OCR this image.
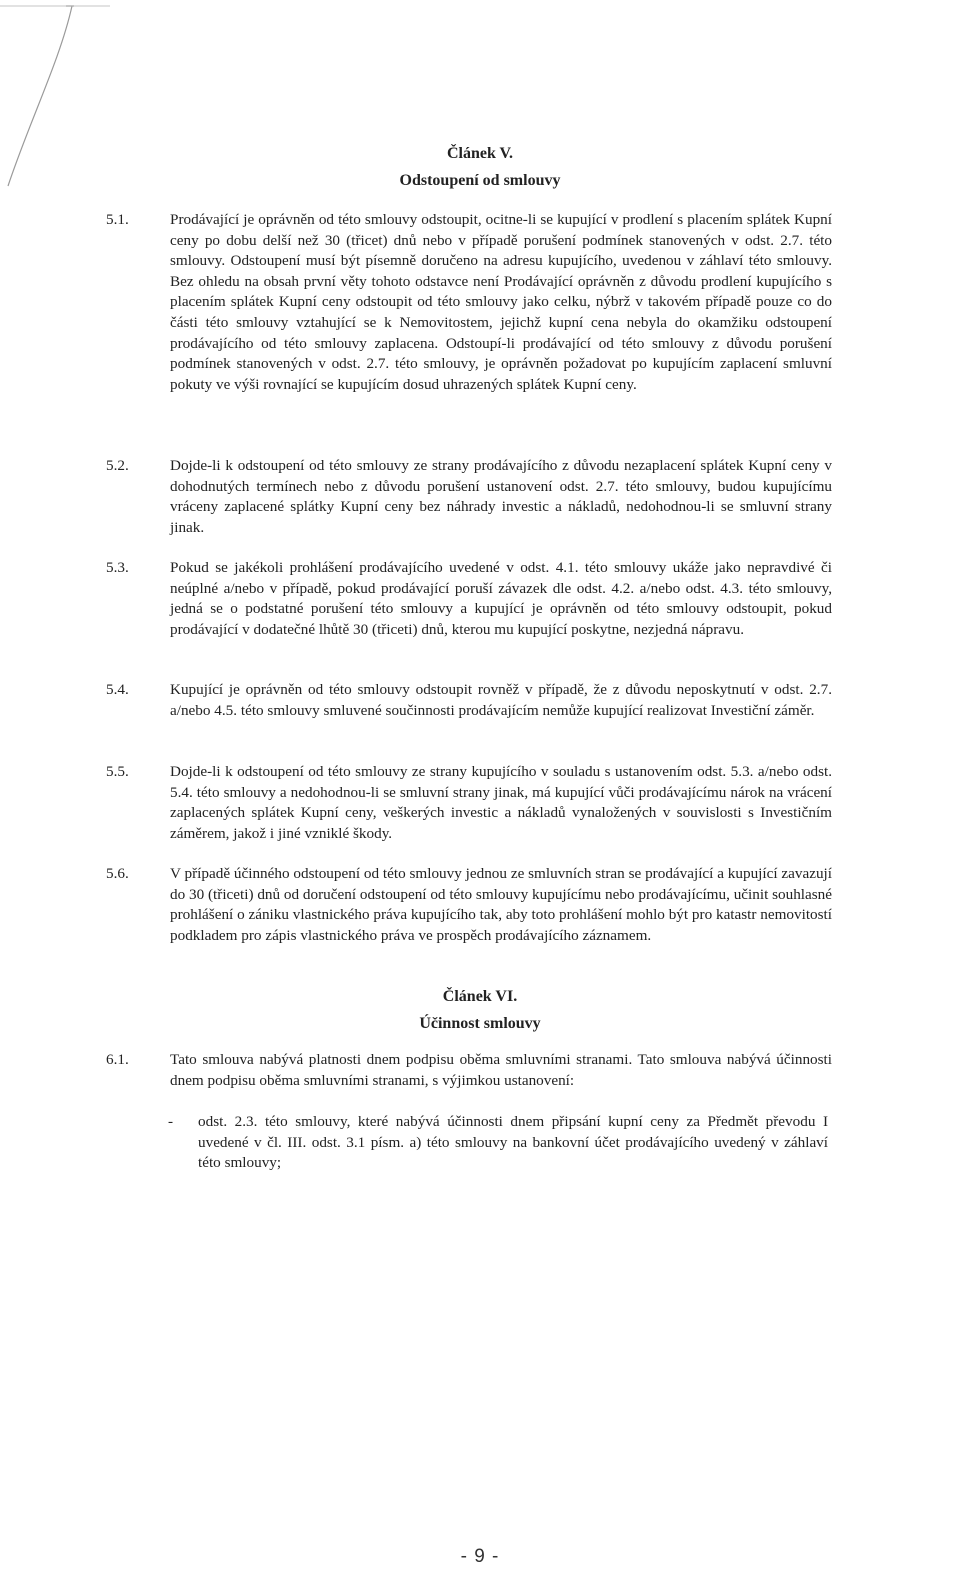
Článek V.
Odstoupení od smlouvy
5.1.	Prodávající je oprávněn od této smlouvy odstoupit, ocitne-li se kupující v prodlení s placením splátek Kupní ceny po dobu delší než 30 (třicet) dnů nebo v případě porušení podmínek stanovených v odst. 2.7. této smlouvy. Odstoupení musí být písemně doručeno na adresu kupujícího, uvedenou v záhlaví této smlouvy. Bez ohledu na obsah první věty tohoto odstavce není Prodávající oprávněn z důvodu prodlení kupujícího s placením splátek Kupní ceny odstoupit od této smlouvy jako celku, nýbrž v takovém případě pouze co do části této smlouvy vztahující se k Nemovitostem, jejichž kupní cena nebyla do okamžiku odstoupení prodávajícího od této smlouvy zaplacena. Odstoupí-li prodávající od této smlouvy z důvodu porušení podmínek stanovených v odst. 2.7. této smlouvy, je oprávněn požadovat po kupujícím zaplacení smluvní pokuty ve výši rovnající se kupujícím dosud uhrazených splátek Kupní ceny.
5.2.	Dojde-li k odstoupení od této smlouvy ze strany prodávajícího z důvodu nezaplacení splátek Kupní ceny v dohodnutých termínech nebo z důvodu porušení ustanovení odst. 2.7. této smlouvy, budou kupujícímu vráceny zaplacené splátky Kupní ceny bez náhrady investic a nákladů, nedohodnou-li se smluvní strany jinak.
5.3.	Pokud se jakékoli prohlášení prodávajícího uvedené v odst. 4.1. této smlouvy ukáže jako nepravdivé či neúplné a/nebo v případě, pokud prodávající poruší závazek dle odst. 4.2. a/nebo odst. 4.3. této smlouvy, jedná se o podstatné porušení této smlouvy a kupující je oprávněn od této smlouvy odstoupit, pokud prodávající v dodatečné lhůtě 30 (třiceti) dnů, kterou mu kupující poskytne, nezjedná nápravu.
5.4.	Kupující je oprávněn od této smlouvy odstoupit rovněž v případě, že z důvodu neposkytnutí v odst. 2.7. a/nebo 4.5. této smlouvy smluvené součinnosti prodávajícím nemůže kupující realizovat Investiční záměr.
5.5.	Dojde-li k odstoupení od této smlouvy ze strany kupujícího v souladu s ustanovením odst. 5.3. a/nebo odst. 5.4. této smlouvy a nedohodnou-li se smluvní strany jinak, má kupující vůči prodávajícímu nárok na vrácení zaplacených splátek Kupní ceny, veškerých investic a nákladů vynaložených v souvislosti s Investičním záměrem, jakož i jiné vzniklé škody.
5.6.	V případě účinného odstoupení od této smlouvy jednou ze smluvních stran se prodávající a kupující zavazují do 30 (třiceti) dnů od doručení odstoupení od této smlouvy kupujícímu nebo prodávajícímu, učinit souhlasné prohlášení o zániku vlastnického práva kupujícího tak, aby toto prohlášení mohlo být pro katastr nemovitostí podkladem pro zápis vlastnického práva ve prospěch prodávajícího záznamem.
Článek VI.
Účinnost smlouvy
6.1.	Tato smlouva nabývá platnosti dnem podpisu oběma smluvními stranami. Tato smlouva nabývá účinnosti dnem podpisu oběma smluvními stranami, s výjimkou ustanovení:
- odst. 2.3. této smlouvy, které nabývá účinnosti dnem připsání kupní ceny za Předmět převodu I uvedené v čl. III. odst. 3.1 písm. a) této smlouvy na bankovní účet prodávajícího uvedený v záhlaví této smlouvy;
- 9 -
